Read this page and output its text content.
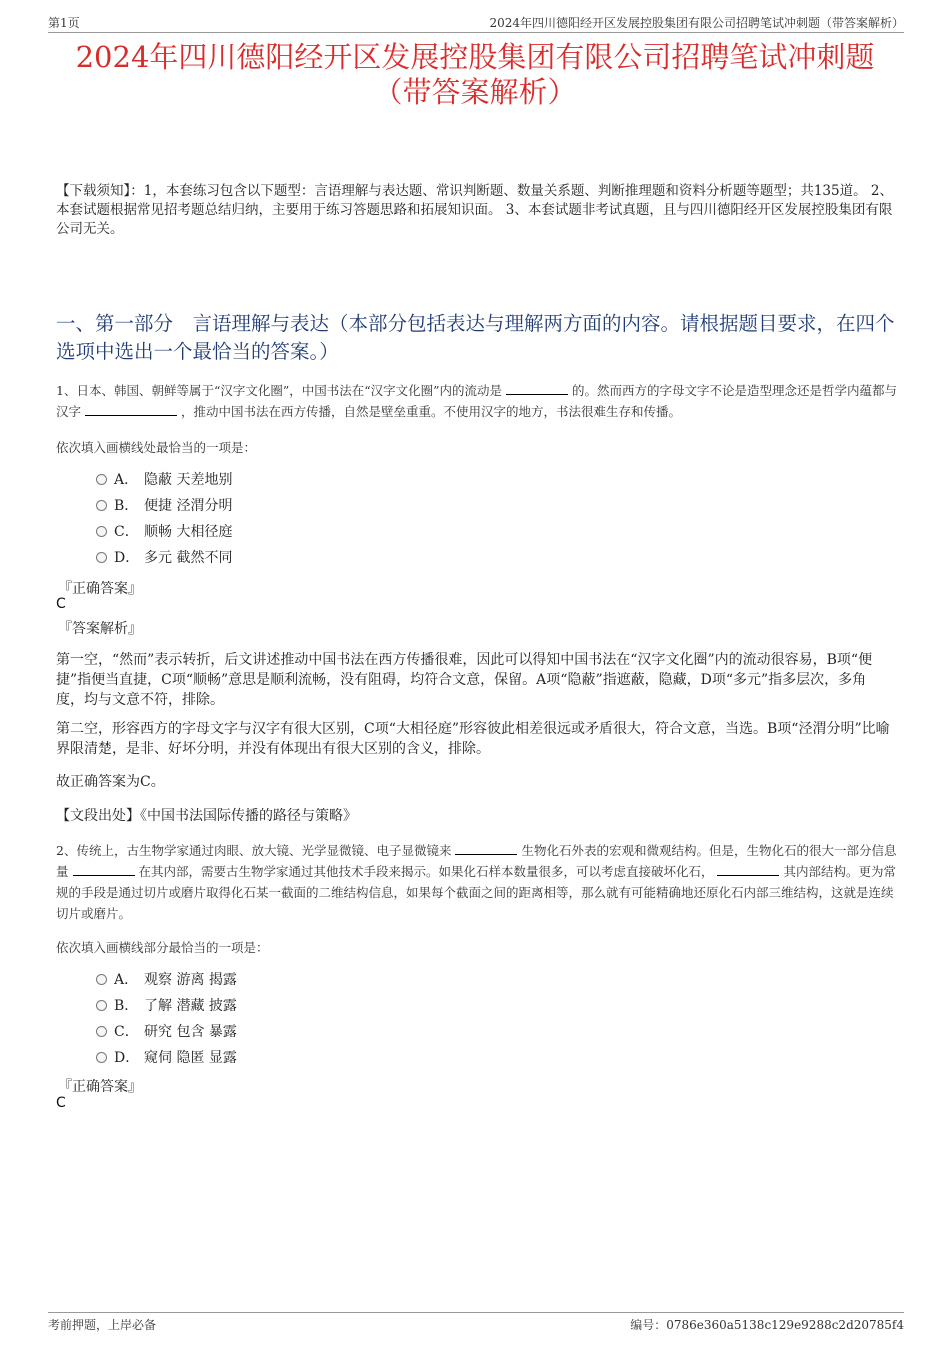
第1页	2024年四川德阳经开区发展控股集团有限公司招聘笔试冲刺题（带答案解析）
2024年四川德阳经开区发展控股集团有限公司招聘笔试冲刺题
（带答案解析）
【下载须知】：1，本套练习包含以下题型：言语理解与表达题、常识判断题、数量关系题、判断推理题和资料分析题等题型；共135道。 2、本套试题根据常见招考题总结归纳，主要用于练习答题思路和拓展知识面。 3、本套试题非考试真题，且与四川德阳经开区发展控股集团有限公司无关。
一、第一部分　言语理解与表达（本部分包括表达与理解两方面的内容。请根据题目要求，在四个选项中选出一个最恰当的答案。）
1、日本、韩国、朝鲜等属于“汉字文化圈”，中国书法在“汉字文化圈”内的流动是	的。然而西方的字母文字不论是造型理念还是哲学内蕴都与汉字	，推动中国书法在西方传播，自然是壁垒重重。不使用汉字的地方，书法很难生存和传播。
依次填入画横线处最恰当的一项是：
A． 隐蔽 天差地别
B． 便捷 泾渭分明
C． 顺畅 大相径庭
D． 多元 截然不同
『正确答案』
C
『答案解析』
第一空，“然而”表示转折，后文讲述推动中国书法在西方传播很难，因此可以得知中国书法在“汉字文化圈”内的流动很容易，B项“便捷”指便当直捷，C项“顺畅”意思是顺利流畅，没有阻碍，均符合文意，保留。A项“隐蔽”指遮蔽，隐藏，D项“多元”指多层次，多角度，均与文意不符，排除。
第二空，形容西方的字母文字与汉字有很大区别，C项“大相径庭”形容彼此相差很远或矛盾很大，符合文意，当选。B项“泾渭分明”比喻界限清楚，是非、好坏分明，并没有体现出有很大区别的含义，排除。
故正确答案为C。
【文段出处】《中国书法国际传播的路径与策略》
2、传统上，古生物学家通过肉眼、放大镜、光学显微镜、电子显微镜来	生物化石外表的宏观和微观结构。但是，生物化石的很大一部分信息量	在其内部，需要古生物学家通过其他技术手段来揭示。如果化石样本数量很多，可以考虑直接破坏化石，	其内部结构。更为常规的手段是通过切片或磨片取得化石某一截面的二维结构信息，如果每个截面之间的距离相等，那么就有可能精确地还原化石内部三维结构，这就是连续切片或磨片。
依次填入画横线部分最恰当的一项是：
A． 观察 游离 揭露
B． 了解 潜藏 披露
C． 研究 包含 暴露
D． 窥伺 隐匿 显露
『正确答案』
C
考前押题，上岸必备	编号：0786e360a5138c129e9288c2d20785f4
